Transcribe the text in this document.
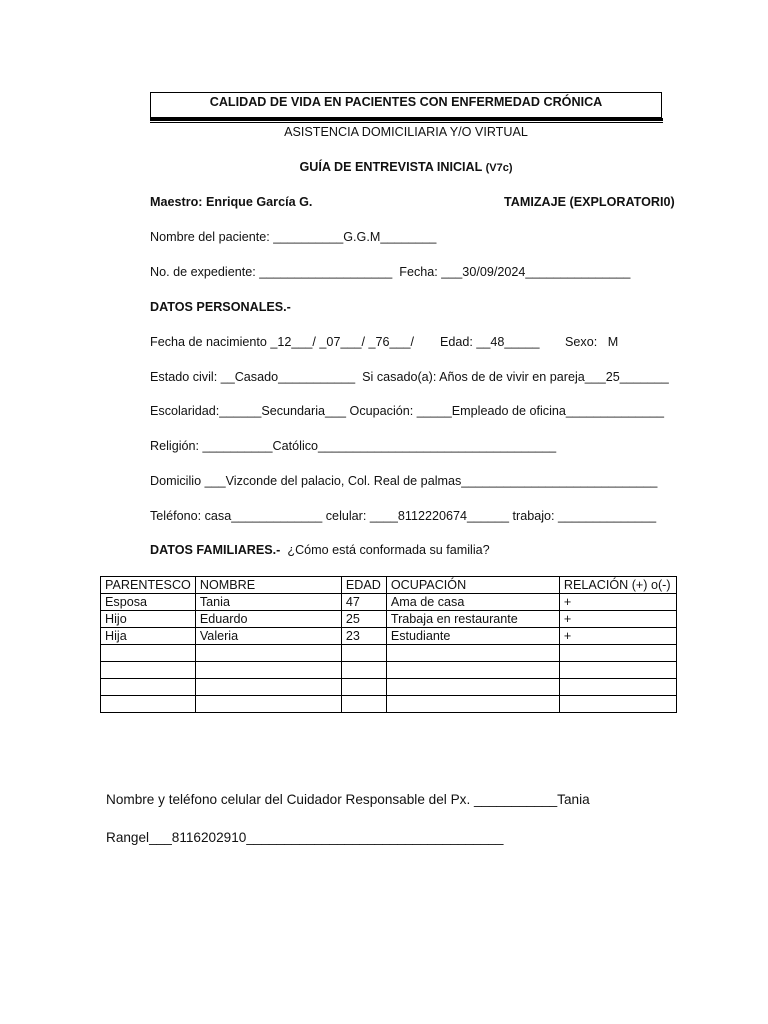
CALIDAD DE VIDA EN PACIENTES CON ENFERMEDAD CRÓNICA
ASISTENCIA DOMICILIARIA Y/O VIRTUAL
GUÍA DE ENTREVISTA INICIAL (V7c)
Maestro: Enrique García G.	TAMIZAJE (EXPLORATORI0)
Nombre del paciente: __________G.G.M________
No. de expediente: ___________________  Fecha: ___30/09/2024_______________
DATOS PERSONALES.-
Fecha de nacimiento _12___/ _07___/ _76___/ Edad: __48_____ Sexo:   M
Estado civil: __Casado___________  Si casado(a): Años de de vivir en pareja___25_______
Escolaridad:______Secundaria___ Ocupación: _____Empleado de oficina______________
Religión: __________Católico__________________________________
Domicilio ___Vizconde del palacio, Col. Real de palmas____________________________
Teléfono: casa_____________ celular: ____8112220674______ trabajo: ______________
DATOS FAMILIARES.-  ¿Cómo está conformada su familia?
PARENTESCO	NOMBRE	EDAD	OCUPACIÓN	RELACIÓN (+) o(-)
Esposa	Tania	47	Ama de casa	+
Hijo	Eduardo	25	Trabaja en restaurante	+
Hija	Valeria	23	Estudiante	+

Nombre y teléfono celular del Cuidador Responsable del Px. ___________Tania
Rangel___8116202910__________________________________
